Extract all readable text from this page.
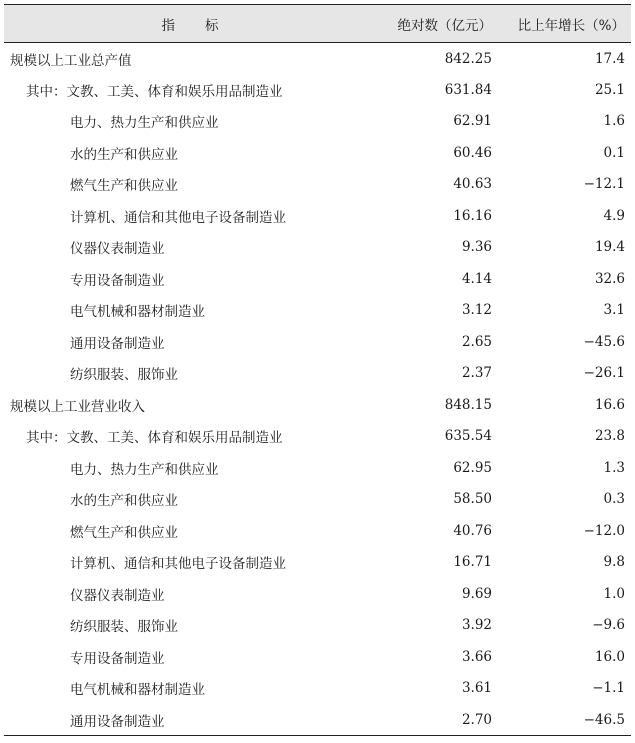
指标	绝对数（亿元）	比上年增长（%）
规模以上工业总产值	842.25	17.4
其中：文教、工美、体育和娱乐用品制造业	631.84	25.1
电力、热力生产和供应业	62.91	1.6
水的生产和供应业	60.46	0.1
燃气生产和供应业	40.63	−12.1
计算机、通信和其他电子设备制造业	16.16	4.9
仪器仪表制造业	9.36	19.4
专用设备制造业	4.14	32.6
电气机械和器材制造业	3.12	3.1
通用设备制造业	2.65	−45.6
纺织服装、服饰业	2.37	−26.1
规模以上工业营业收入	848.15	16.6
其中：文教、工美、体育和娱乐用品制造业	635.54	23.8
电力、热力生产和供应业	62.95	1.3
水的生产和供应业	58.50	0.3
燃气生产和供应业	40.76	−12.0
计算机、通信和其他电子设备制造业	16.71	9.8
仪器仪表制造业	9.69	1.0
纺织服装、服饰业	3.92	−9.6
专用设备制造业	3.66	16.0
电气机械和器材制造业	3.61	−1.1
通用设备制造业	2.70	−46.5
